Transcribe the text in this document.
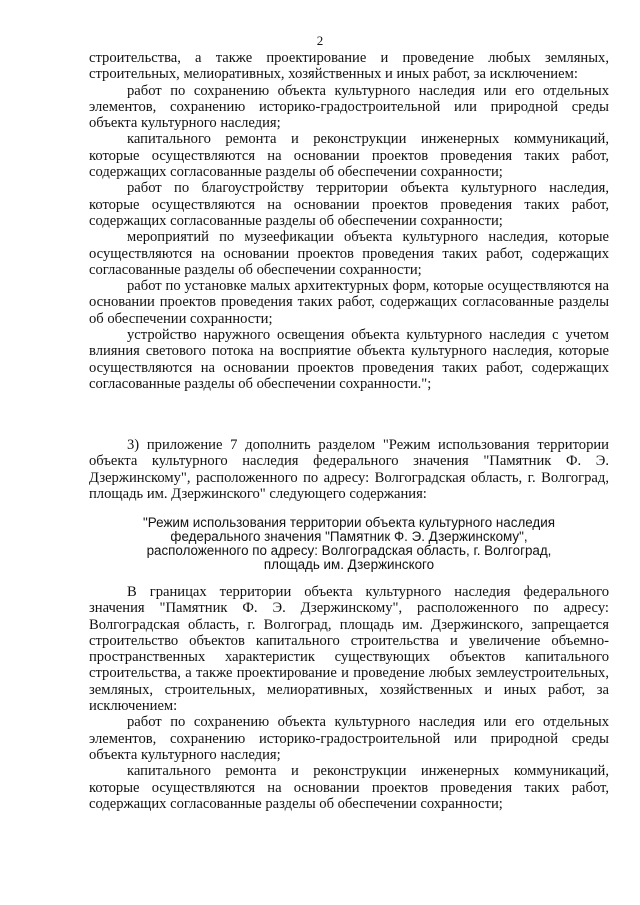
2

строительства, а также проектирование и проведение любых земляных, строительных, мелиоративных, хозяйственных и иных работ, за исключением:

работ по сохранению объекта культурного наследия или его отдельных элементов, сохранению историко-градостроительной или природной среды объекта культурного наследия;

капитального ремонта и реконструкции инженерных коммуникаций, которые осуществляются на основании проектов проведения таких работ, содержащих согласованные разделы об обеспечении сохранности;

работ по благоустройству территории объекта культурного наследия, которые осуществляются на основании проектов проведения таких работ, содержащих согласованные разделы об обеспечении сохранности;

мероприятий по музеефикации объекта культурного наследия, которые осуществляются на основании проектов проведения таких работ, содержащих согласованные разделы об обеспечении сохранности;

работ по установке малых архитектурных форм, которые осуществляются на основании проектов проведения таких работ, содержащих согласованные разделы об обеспечении сохранности;

устройство наружного освещения объекта культурного наследия с учетом влияния светового потока на восприятие объекта культурного наследия, которые осуществляются на основании проектов проведения таких работ, содержащих согласованные разделы об обеспечении сохранности.";

3) приложение 7 дополнить разделом "Режим использования территории объекта культурного наследия федерального значения "Памятник Ф. Э. Дзержинскому", расположенного по адресу: Волгоградская область, г. Волгоград, площадь им. Дзержинского" следующего содержания:

"Режим использования территории объекта культурного наследия
федерального значения "Памятник Ф. Э. Дзержинскому",
расположенного по адресу: Волгоградская область, г. Волгоград,
площадь им. Дзержинского

В границах территории объекта культурного наследия федерального значения "Памятник Ф. Э. Дзержинскому", расположенного по адресу: Волгоградская область, г. Волгоград, площадь им. Дзержинского, запрещается строительство объектов капитального строительства и увеличение объемно-пространственных характеристик существующих объектов капитального строительства, а также проектирование и проведение любых землеустроительных, земляных, строительных, мелиоративных, хозяйственных и иных работ, за исключением:

работ по сохранению объекта культурного наследия или его отдельных элементов, сохранению историко-градостроительной или природной среды объекта культурного наследия;

капитального ремонта и реконструкции инженерных коммуникаций, которые осуществляются на основании проектов проведения таких работ, содержащих согласованные разделы об обеспечении сохранности;
